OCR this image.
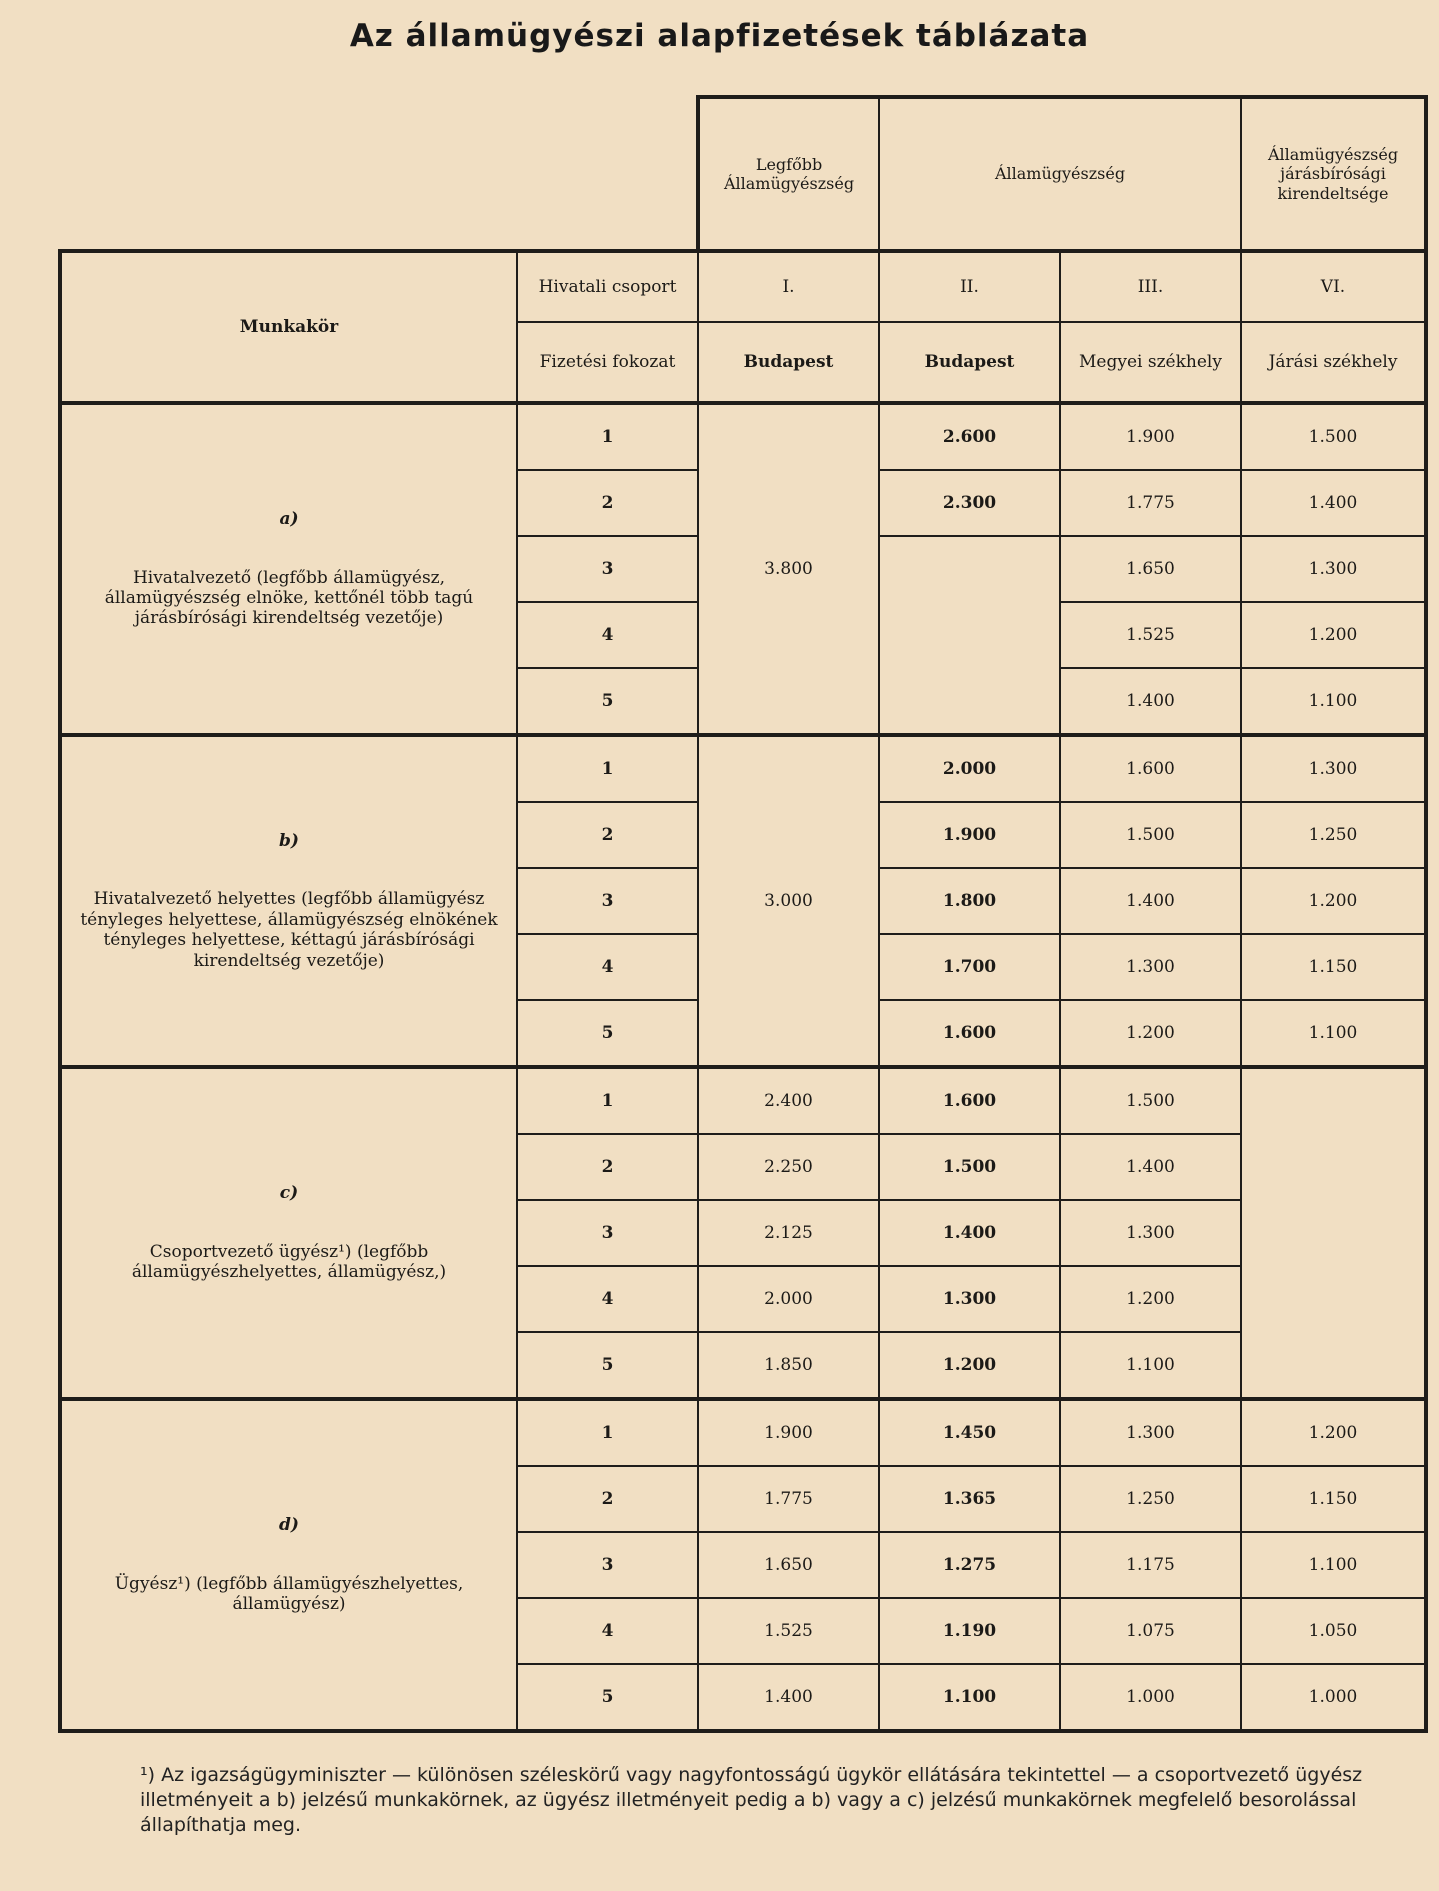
Az államügyészi alapfizetések táblázata
		Legfőbb Államügyészség	Államügyészség		Államügyészség járásbírósági kirendeltsége
Munkakör	Hivatali csoport	I.	II.	III.	VI.
	Fizetési fokozat	Budapest	Budapest	Megyei székhely	Járási székhely

a)
Hivatalvezető (legfőbb államügyész, államügyészség elnöke, kettőnél több tagú járásbírósági kirendeltség vezetője)	1	3.800	2.600	1.900	1.500
	2		2.300	1.775	1.400
	3			1.650	1.300
	4			1.525	1.200
	5			1.400	1.100

b)
Hivatalvezető helyettes (legfőbb államügyész tényleges helyettese, államügyészség elnökének tényleges helyettese, kéttagú járásbírósági kirendeltség vezetője)	1	3.000	2.000	1.600	1.300
	2		1.900	1.500	1.250
	3		1.800	1.400	1.200
	4		1.700	1.300	1.150
	5		1.600	1.200	1.100

c)
Csoportvezető ügyész¹) (legfőbb államügyészhelyettes, államügyész,)	1	2.400	1.600	1.500	
	2	2.250	1.500	1.400	
	3	2.125	1.400	1.300	
	4	2.000	1.300	1.200	
	5	1.850	1.200	1.100	

d)
Ügyész¹) (legfőbb államügyészhelyettes, államügyész)	1	1.900	1.450	1.300	1.200
	2	1.775	1.365	1.250	1.150
	3	1.650	1.275	1.175	1.100
	4	1.525	1.190	1.075	1.050
	5	1.400	1.100	1.000	1.000
¹) Az igazságügyminiszter — különösen széleskörű vagy nagyfontosságú ügykör ellátására tekintettel — a csoportvezető ügyész illetményeit a b) jelzésű munkakörnek, az ügyész illetményeit pedig a b) vagy a c) jelzésű munkakörnek megfelelő besorolással állapíthatja meg.
